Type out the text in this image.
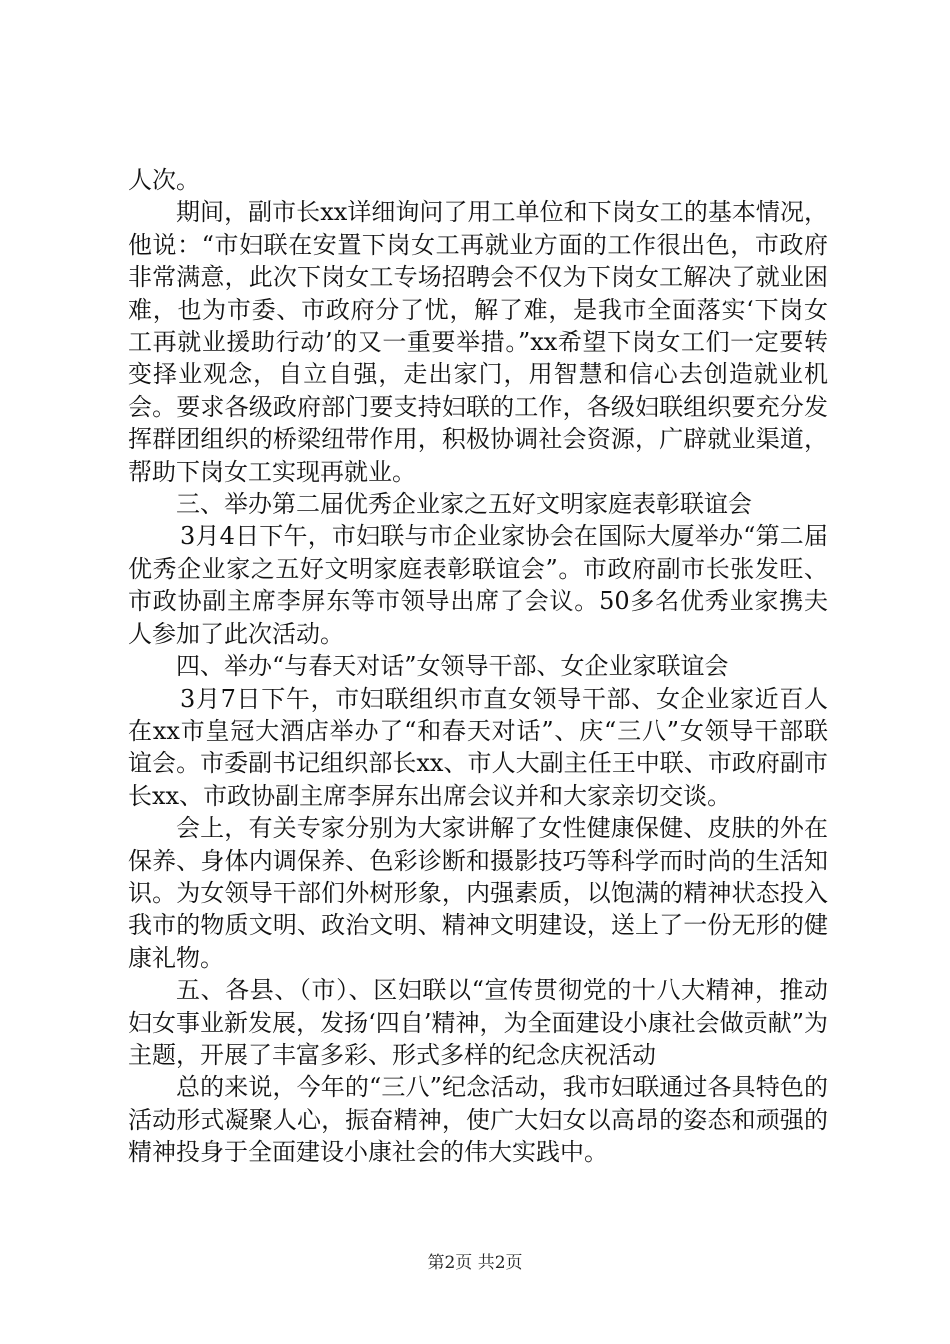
人次。

期间，副市长xx详细询问了用工单位和下岗女工的基本情况，他说：“市妇联在安置下岗女工再就业方面的工作很出色，市政府非常满意，此次下岗女工专场招聘会不仅为下岗女工解决了就业困难，也为市委、市政府分了忧，解了难，是我市全面落实‘下岗女工再就业援助行动’的又一重要举措。”xx希望下岗女工们一定要转变择业观念，自立自强，走出家门，用智慧和信心去创造就业机会。要求各级政府部门要支持妇联的工作，各级妇联组织要充分发挥群团组织的桥梁纽带作用，积极协调社会资源，广辟就业渠道，帮助下岗女工实现再就业。

三、举办第二届优秀企业家之五好文明家庭表彰联谊会

3月4日下午，市妇联与市企业家协会在国际大厦举办“第二届优秀企业家之五好文明家庭表彰联谊会”。市政府副市长张发旺、市政协副主席李屏东等市领导出席了会议。50多名优秀业家携夫人参加了此次活动。

四、举办“与春天对话”女领导干部、女企业家联谊会

3月7日下午，市妇联组织市直女领导干部、女企业家近百人在xx市皇冠大酒店举办了“和春天对话”、庆“三八”女领导干部联谊会。市委副书记组织部长xx、市人大副主任王中联、市政府副市长xx、市政协副主席李屏东出席会议并和大家亲切交谈。

会上，有关专家分别为大家讲解了女性健康保健、皮肤的外在保养、身体内调保养、色彩诊断和摄影技巧等科学而时尚的生活知识。为女领导干部们外树形象，内强素质，以饱满的精神状态投入我市的物质文明、政治文明、精神文明建设，送上了一份无形的健康礼物。

五、各县、（市）、区妇联以“宣传贯彻党的十八大精神，推动妇女事业新发展，发扬‘四自’精神，为全面建设小康社会做贡献”为主题，开展了丰富多彩、形式多样的纪念庆祝活动

总的来说，今年的“三八”纪念活动，我市妇联通过各具特色的活动形式凝聚人心，振奋精神，使广大妇女以高昂的姿态和顽强的精神投身于全面建设小康社会的伟大实践中。

第2页 共2页
